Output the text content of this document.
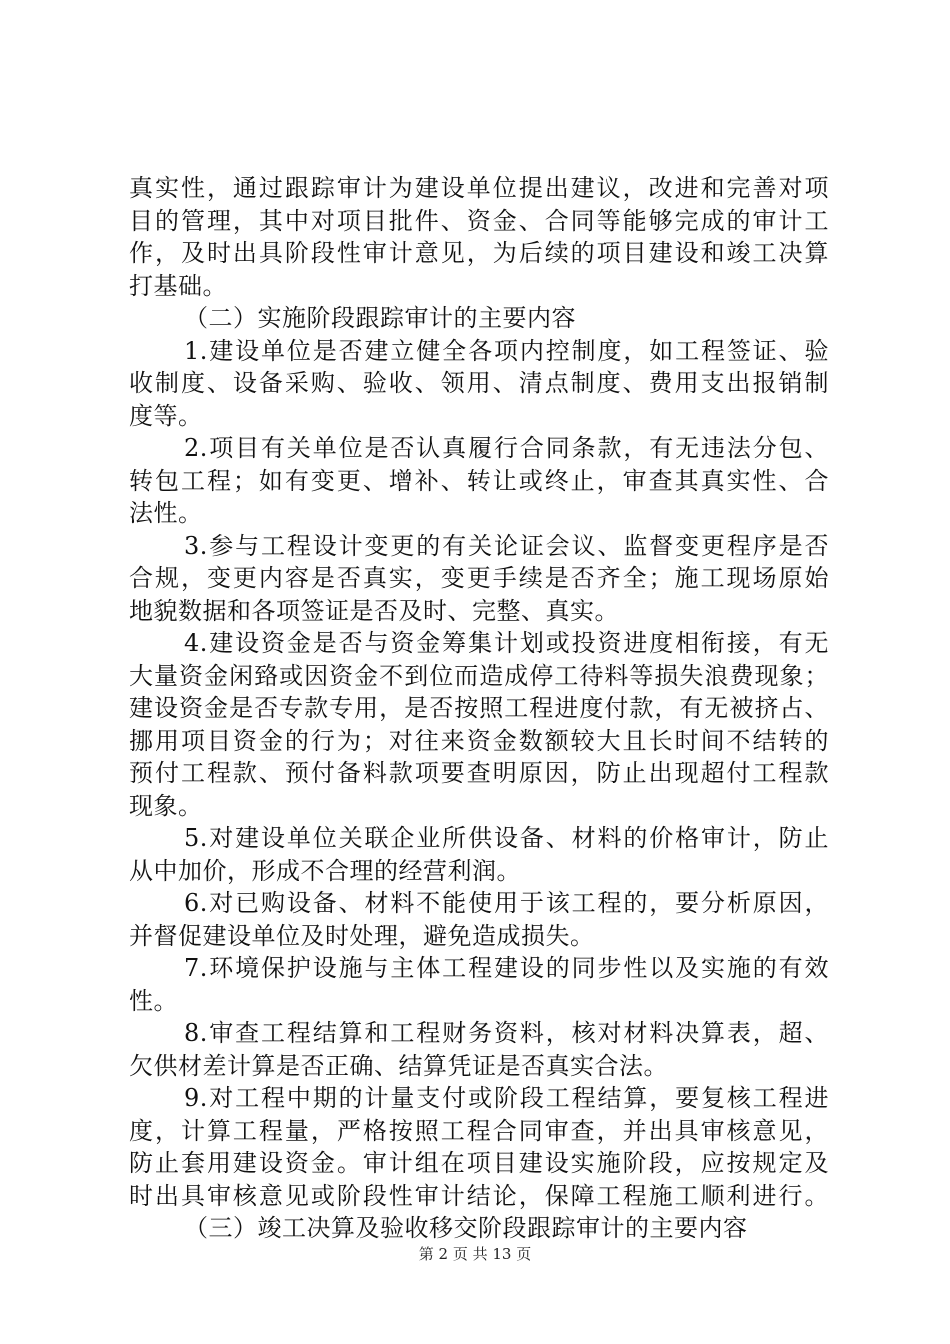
真实性，通过跟踪审计为建设单位提出建议，改进和完善对项
目的管理，其中对项目批件、资金、合同等能够完成的审计工
作，及时出具阶段性审计意见，为后续的项目建设和竣工决算
打基础。
（二）实施阶段跟踪审计的主要内容
1.建设单位是否建立健全各项内控制度，如工程签证、验
收制度、设备采购、验收、领用、清点制度、费用支出报销制
度等。
2.项目有关单位是否认真履行合同条款，有无违法分包、
转包工程；如有变更、增补、转让或终止，审查其真实性、合
法性。
3.参与工程设计变更的有关论证会议、监督变更程序是否
合规，变更内容是否真实，变更手续是否齐全；施工现场原始
地貌数据和各项签证是否及时、完整、真实。
4.建设资金是否与资金筹集计划或投资进度相衔接，有无
大量资金闲臵或因资金不到位而造成停工待料等损失浪费现象；
建设资金是否专款专用，是否按照工程进度付款，有无被挤占、
挪用项目资金的行为；对往来资金数额较大且长时间不结转的
预付工程款、预付备料款项要查明原因，防止出现超付工程款
现象。
5.对建设单位关联企业所供设备、材料的价格审计，防止
从中加价，形成不合理的经营利润。
6.对已购设备、材料不能使用于该工程的，要分析原因，
并督促建设单位及时处理，避免造成损失。
7.环境保护设施与主体工程建设的同步性以及实施的有效
性。
8.审查工程结算和工程财务资料，核对材料决算表，超、
欠供材差计算是否正确、结算凭证是否真实合法。
9.对工程中期的计量支付或阶段工程结算，要复核工程进
度，计算工程量，严格按照工程合同审查，并出具审核意见，
防止套用建设资金。审计组在项目建设实施阶段，应按规定及
时出具审核意见或阶段性审计结论，保障工程施工顺利进行。
（三）竣工决算及验收移交阶段跟踪审计的主要内容
第 2 页 共 13 页
